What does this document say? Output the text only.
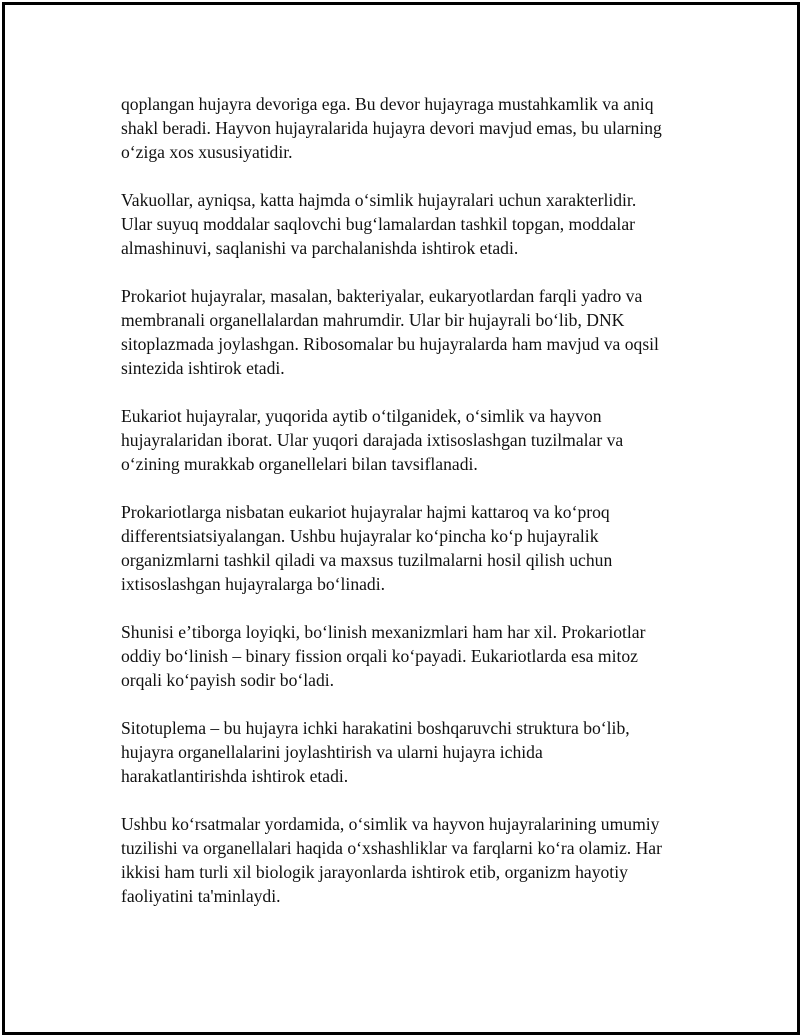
qoplangan hujayra devoriga ega. Bu devor hujayraga mustahkamlik va aniq
shakl beradi. Hayvon hujayralarida hujayra devori mavjud emas, bu ularning
oʻziga xos xususiyatidir.

Vakuollar, ayniqsa, katta hajmda oʻsimlik hujayralari uchun xarakterlidir.
Ular suyuq moddalar saqlovchi bugʻlamalardan tashkil topgan, moddalar
almashinuvi, saqlanishi va parchalanishda ishtirok etadi.

Prokariot hujayralar, masalan, bakteriyalar, eukaryotlardan farqli yadro va
membranali organellalardan mahrumdir. Ular bir hujayrali boʻlib, DNK
sitoplazmada joylashgan. Ribosomalar bu hujayralarda ham mavjud va oqsil
sintezida ishtirok etadi.

Eukariot hujayralar, yuqorida aytib oʻtilganidek, oʻsimlik va hayvon
hujayralaridan iborat. Ular yuqori darajada ixtisoslashgan tuzilmalar va
oʻzining murakkab organellelari bilan tavsiflanadi.

Prokariotlarga nisbatan eukariot hujayralar hajmi kattaroq va koʻproq
differentsiatsiyalangan. Ushbu hujayralar koʻpincha koʻp hujayralik
organizmlarni tashkil qiladi va maxsus tuzilmalarni hosil qilish uchun
ixtisoslashgan hujayralarga boʻlinadi.

Shunisi eʼtiborga loyiqki, boʻlinish mexanizmlari ham har xil. Prokariotlar
oddiy boʻlinish – binary fission orqali koʻpayadi. Eukariotlarda esa mitoz
orqali koʻpayish sodir boʻladi.

Sitotuplema – bu hujayra ichki harakatini boshqaruvchi struktura boʻlib,
hujayra organellalarini joylashtirish va ularni hujayra ichida
harakatlantirishda ishtirok etadi.

Ushbu koʻrsatmalar yordamida, oʻsimlik va hayvon hujayralarining umumiy
tuzilishi va organellalari haqida oʻxshashliklar va farqlarni koʻra olamiz. Har
ikkisi ham turli xil biologik jarayonlarda ishtirok etib, organizm hayotiy
faoliyatini ta'minlaydi.
